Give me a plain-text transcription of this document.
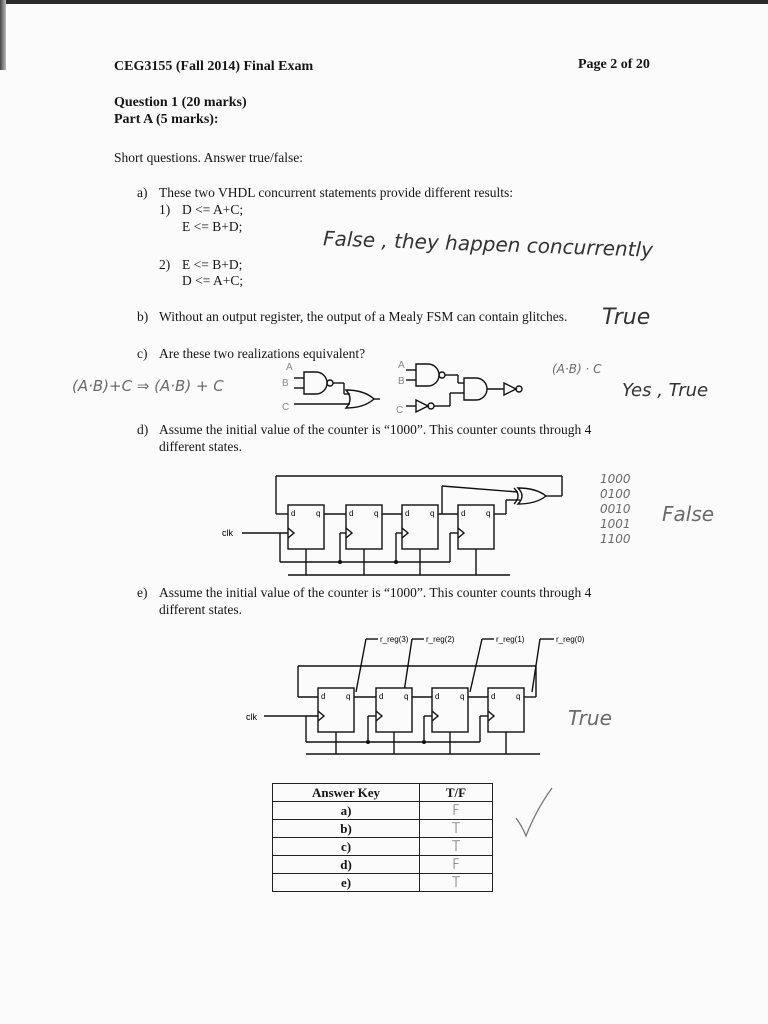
CEG3155 (Fall 2014) Final Exam	Page 2 of 20
Question 1 (20 marks)
Part A (5 marks):
Short questions. Answer true/false:
a) These two VHDL concurrent statements provide different results:
1) D <= A+C;
E <= B+D;
2) E <= B+D;
D <= A+C;
False , they happen concurrently
b) Without an output register, the output of a Mealy FSM can contain glitches. True
c) Are these two realizations equivalent?
(A·B)+C ⇒ (A·B) + C
(A·B) · C
Yes , True
A
B
C
A
B
C
d) Assume the initial value of the counter is “1000”. This counter counts through 4
different states.
clk
d	q	d	q	d	q	d	q
1000
0100
0010
1001
1100
False
e) Assume the initial value of the counter is “1000”. This counter counts through 4
different states.
r_reg(3) r_reg(2)	r_reg(1)	r_reg(0)
clk
d	q	d	q	d	q	d	q
True
Answer Key	T/F
a)	F
b)	T
c)	T
d)	F
e)	T
